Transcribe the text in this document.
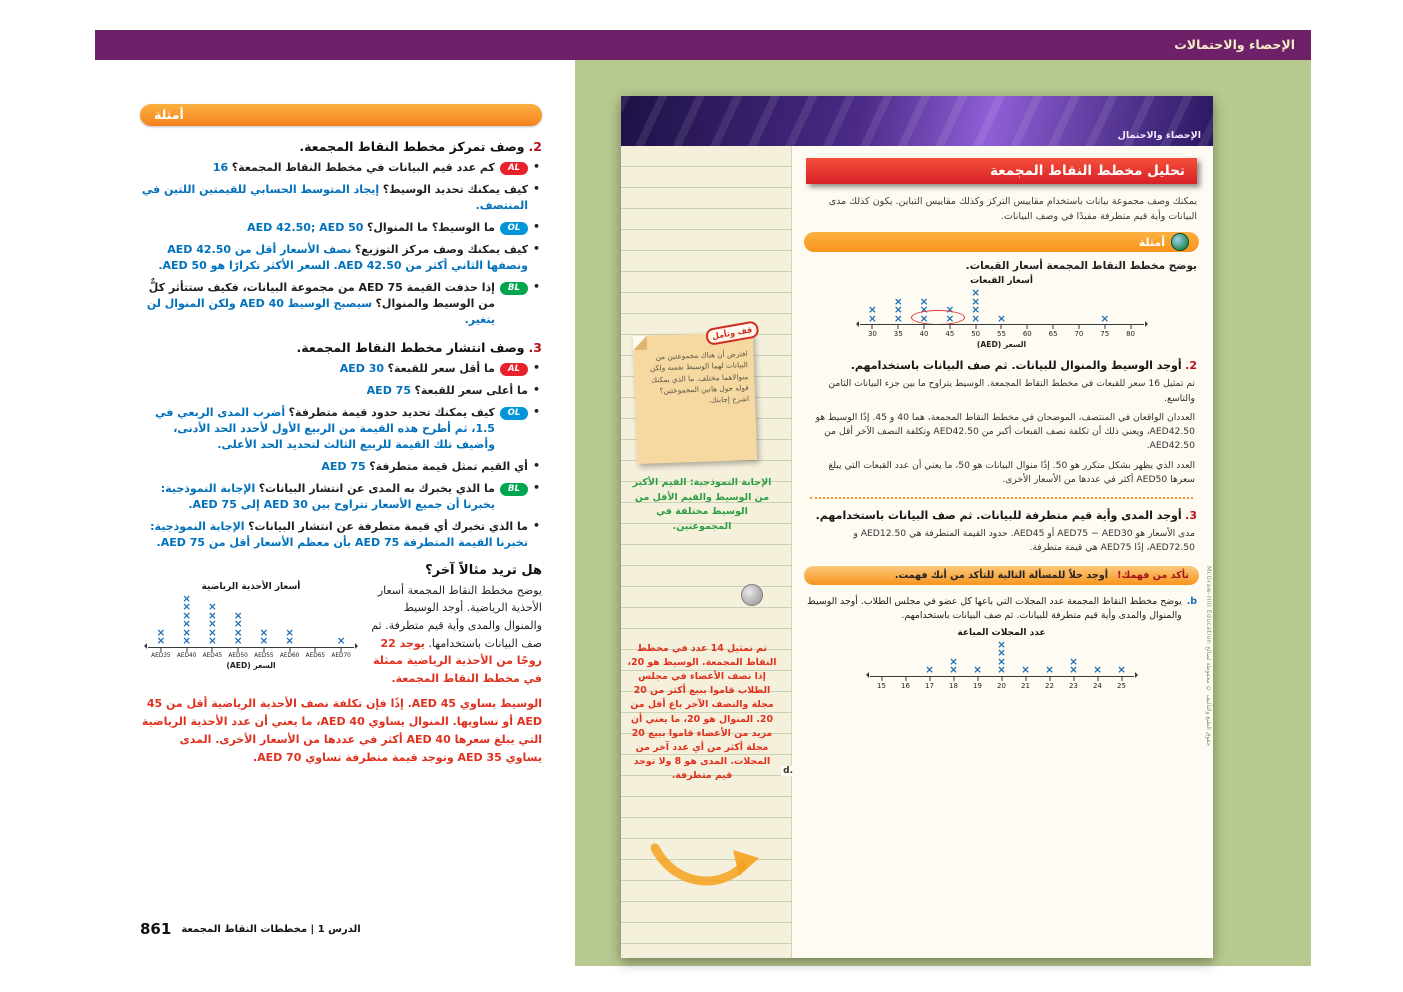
الإحصاء والاحتمالات
أمثلة
2. وصف تمركز مخطط النقاط المجمعة.
•
AL
كم عدد قيم البيانات في مخطط النقاط المجمعة؟ 16
•
كيف يمكنك تحديد الوسيط؟ إيجاد المتوسط الحسابي للقيمتين اللتين في المنتصف.
•
OL
ما الوسيط؟ ما المنوال؟ AED 42.50; AED 50
•
كيف يمكنك وصف مركز التوزيع؟ نصف الأسعار أقل من AED 42.50 ونصفها الثاني أكثر من AED 42.50. السعر الأكثر تكرارًا هو AED 50.
•
BL
إذا حذفت القيمة AED 75 من مجموعة البيانات، فكيف ستتأثر كلٌّ من الوسيط والمنوال؟ سيصبح الوسيط AED 40 ولكن المنوال لن يتغير.
3. وصف انتشار مخطط النقاط المجمعة.
•
AL
ما أقل سعر للقبعة؟ AED 30
•
ما أعلى سعر للقبعة؟ AED 75
•
OL
كيف يمكنك تحديد حدود قيمة متطرفة؟ أضرب المدى الربعي في 1.5، ثم أطرح هذه القيمة من الربيع الأول لأحدد الحد الأدنى، وأضيف تلك القيمة للربيع الثالث لتحديد الحد الأعلى.
•
أي القيم تمثل قيمة متطرفة؟ AED 75
•
BL
ما الذي يخبرك به المدى عن انتشار البيانات؟ الإجابة النموذجية: يخبرنا أن جميع الأسعار تتراوح بين 30 AED إلى 75 AED.
•
ما الذي تخبرك أي قيمة متطرفة عن انتشار البيانات؟ الإجابة النموذجية: تخبرنا القيمة المتطرفة AED 75 بأن معظم الأسعار أقل من AED 75.
هل تريد مثالاً آخر؟
يوضح مخطط النقاط المجمعة أسعار الأحذية الرياضية. أوجد الوسيط والمنوال والمدى وأية قيم متطرفة. ثم صف البيانات باستخدامها. يوجد 22 زوجًا من الأحذية الرياضية ممثلة في مخطط النقاط المجمعة.
أسعار الأحذية الرياضية
×
×
×
×
×
×
×
×
×
×
×
×
×
×
×
×
×
×
×
×
×	×
AED35	AED40	AED45	AED50	AED55	AED60	AED65	AED70
السعر (AED)
الوسيط يساوي AED 45. إذًا فإن تكلفة نصف الأحذية الرياضية أقل من 45 AED أو تساويها. المنوال يساوي AED 40، ما يعني أن عدد الأحذية الرياضية التي يبلغ سعرها AED 40 أكثر في عددها من الأسعار الأخرى. المدى يساوي AED 35 وتوجد قيمة متطرفة تساوي AED 70.
861 الدرس 1 | مخططات النقاط المجمعة
الإحصاء والاحتمال
قف وتأمل
افترض أن هناك مجموعتين من البيانات لهما الوسيط نفسه ولكن منوالاهما مختلف. ما الذي يمكنك قوله حول هاتين المجموعتين؟ اشرح إجابتك.
الإجابة النموذجية: القيم الأكبر من الوسيط والقيم الأقل من الوسيط مختلفة في المجموعتين.
d.
تم تمثيل 14 عدد في مخطط النقاط المجمعة. الوسيط هو 20، إذا نصف الأعضاء في مجلس الطلاب قاموا ببيع أكثر من 20 مجلة والنصف الآخر باع أقل من 20. المنوال هو 20، ما يعني أن مزيد من الأعضاء قاموا ببيع 20 مجلة أكثر من أي عدد آخر من المجلات. المدى هو 8 ولا توجد قيم متطرفة.
تحليل مخطط النقاط المجمعة
يمكنك وصف مجموعة بيانات باستخدام مقاييس التركز وكذلك مقاييس التباين. يكون كذلك مدى البيانات وأية قيم متطرفة مفيدًا في وصف البيانات.
أمثلة
يوضح مخطط النقاط المجمعة أسعار القبعات.
أسعار القبعات
×
×
×
×
×
×
×
×
×
×
×
×
×
× ×	×
30	35	40	45	50	55	60	65	70	75	80
السعر (AED)
2. أوجد الوسيط والمنوال للبيانات. ثم صف البيانات باستخدامهم.

تم تمثيل 16 سعر للقبعات في مخطط النقاط المجمعة. الوسيط يتراوح ما بين جزء البيانات الثامن والتاسع.

العددان الواقعان في المنتصف، الموضحان في مخطط النقاط المجمعة، هما 40 و 45. إذًا الوسيط هو AED42.50، ويعني ذلك أن تكلفة نصف القبعات أكبر من AED42.50 وتكلفة النصف الآخر أقل من AED42.50.

العدد الذي يظهر بشكل متكرر هو 50. إذًا منوال البيانات هو 50، ما يعني أن عدد القبعات التي يبلغ سعرها AED50 أكثر في عددها من الأسعار الأخرى.

3. أوجد المدى وأية قيم متطرفة للبيانات. ثم صف البيانات باستخدامهم.

مدى الأسعار هو AED75 − AED30 أو AED45. حدود القيمة المتطرفة هي AED12.50 و AED72.50، إذًا AED75 هي قيمة متطرفة.

تأكد من فهمك! أوجد حلاً للمسألة التالية للتأكد من أنك فهمت.
b.
يوضح مخطط النقاط المجمعة عدد المجلات التي باعها كل عضو في مجلس الطلاب. أوجد الوسيط والمنوال والمدى وأية قيم متطرفة للبيانات. ثم صف البيانات باستخدامهم.
عدد المجلات المباعة
×
×
× ×
×
×
×
× × ×
×
× × ×
15	16	17	18	19	20	21	22	23	24	25
حقوق الطبع والتأليف © محفوظة لصالح McGraw-Hill Education
